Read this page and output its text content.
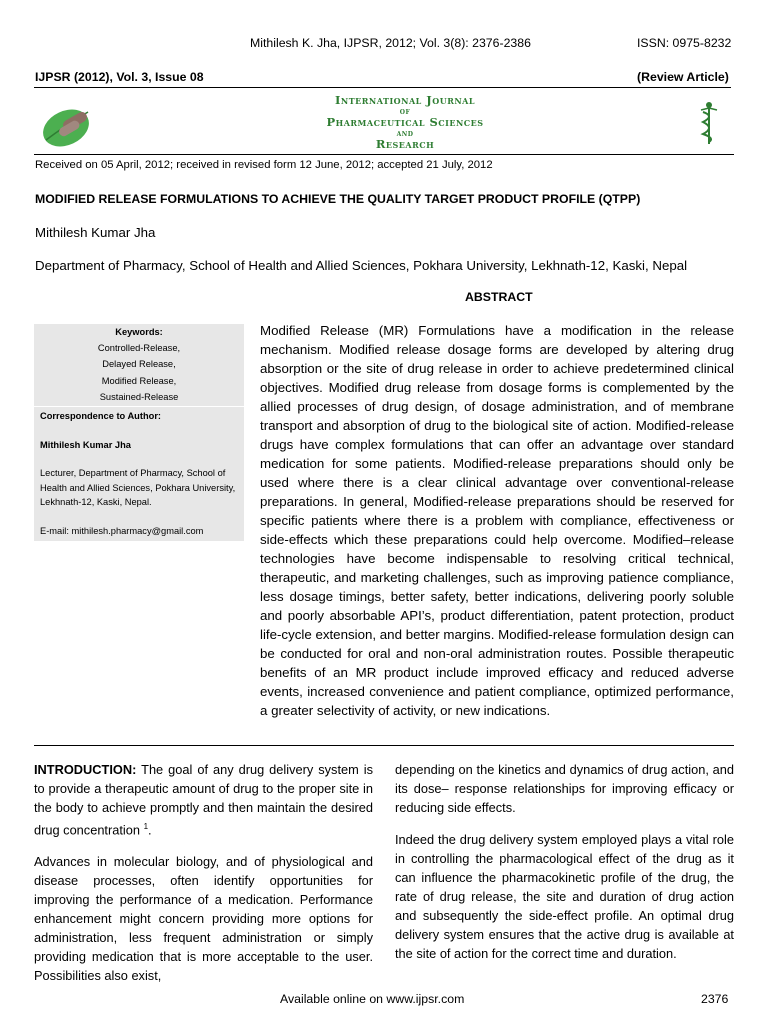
Mithilesh K. Jha, IJPSR, 2012; Vol. 3(8): 2376-2386	ISSN: 0975-8232
IJPSR (2012), Vol. 3, Issue 08	(Review Article)
International Journal
of
Pharmaceutical Sciences
and
Research
Received on 05 April, 2012; received in revised form 12 June, 2012; accepted 21 July, 2012
MODIFIED RELEASE FORMULATIONS TO ACHIEVE THE QUALITY TARGET PRODUCT PROFILE (QTPP)
Mithilesh Kumar Jha
Department of Pharmacy, School of Health and Allied Sciences, Pokhara University, Lekhnath-12, Kaski, Nepal
ABSTRACT
Keywords:
Controlled-Release,
Delayed Release,
Modified Release,
Sustained-Release
Correspondence to Author:
Mithilesh Kumar Jha
Lecturer, Department of Pharmacy, School of Health and Allied Sciences, Pokhara University, Lekhnath-12, Kaski, Nepal.
E-mail: mithilesh.pharmacy@gmail.com
Modified Release (MR) Formulations have a modification in the release mechanism. Modified release dosage forms are developed by altering drug absorption or the site of drug release in order to achieve predetermined clinical objectives. Modified drug release from dosage forms is complemented by the allied processes of drug design, of dosage administration, and of membrane transport and absorption of drug to the biological site of action. Modified-release drugs have complex formulations that can offer an advantage over standard medication for some patients. Modified-release preparations should only be used where there is a clear clinical advantage over conventional-release preparations. In general, Modified-release preparations should be reserved for specific patients where there is a problem with compliance, effectiveness or side-effects which these preparations could help overcome. Modified–release technologies have become indispensable to resolving critical technical, therapeutic, and marketing challenges, such as improving patience compliance, less dosage timings, better safety, better indications, delivering poorly soluble and poorly absorbable API’s, product differentiation, patent protection, product life-cycle extension, and better margins. Modified-release formulation design can be conducted for oral and non-oral administration routes. Possible therapeutic benefits of an MR product include improved efficacy and reduced adverse events, increased convenience and patient compliance, optimized performance, a greater selectivity of activity, or new indications.

INTRODUCTION: The goal of any drug delivery system is to provide a therapeutic amount of drug to the proper site in the body to achieve promptly and then maintain the desired drug concentration $^1$.

Advances in molecular biology, and of physiological and disease processes, often identify opportunities for improving the performance of a medication. Performance enhancement might concern providing more options for administration, less frequent administration or simply providing medication that is more acceptable to the user. Possibilities also exist,

depending on the kinetics and dynamics of drug action, and its dose– response relationships for improving efficacy or reducing side effects.

Indeed the drug delivery system employed plays a vital role in controlling the pharmacological effect of the drug as it can influence the pharmacokinetic profile of the drug, the rate of drug release, the site and duration of drug action and subsequently the side-effect profile. An optimal drug delivery system ensures that the active drug is available at the site of action for the correct time and duration.

Available online on www.ijpsr.com	2376
